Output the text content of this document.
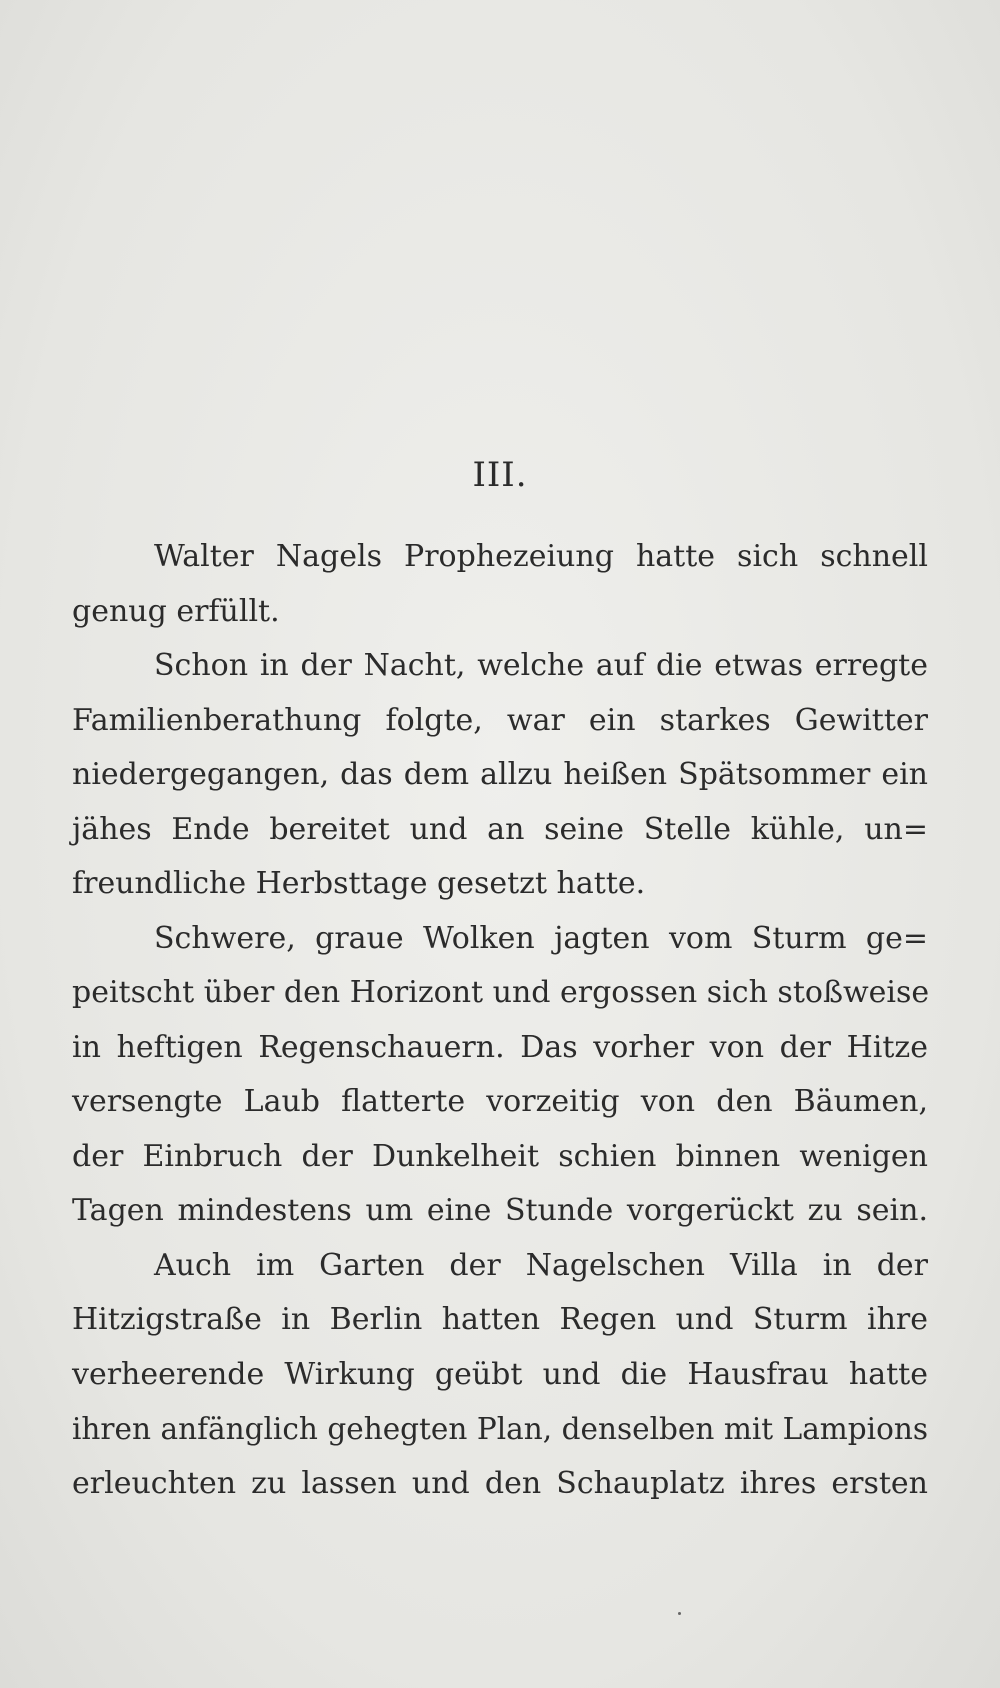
III.
Walter Nagels Prophezeiung hatte sich schnell
genug erfüllt.
Schon in der Nacht, welche auf die etwas erregte
Familienberathung folgte, war ein starkes Gewitter
niedergegangen, das dem allzu heißen Spätsommer ein
jähes Ende bereitet und an seine Stelle kühle, un=
freundliche Herbsttage gesetzt hatte.
Schwere, graue Wolken jagten vom Sturm ge=
peitscht über den Horizont und ergossen sich stoßweise
in heftigen Regenschauern. Das vorher von der Hitze
versengte Laub flatterte vorzeitig von den Bäumen,
der Einbruch der Dunkelheit schien binnen wenigen
Tagen mindestens um eine Stunde vorgerückt zu sein.
Auch im Garten der Nagelschen Villa in der
Hitzigstraße in Berlin hatten Regen und Sturm ihre
verheerende Wirkung geübt und die Hausfrau hatte
ihren anfänglich gehegten Plan, denselben mit Lampions
erleuchten zu lassen und den Schauplatz ihres ersten
